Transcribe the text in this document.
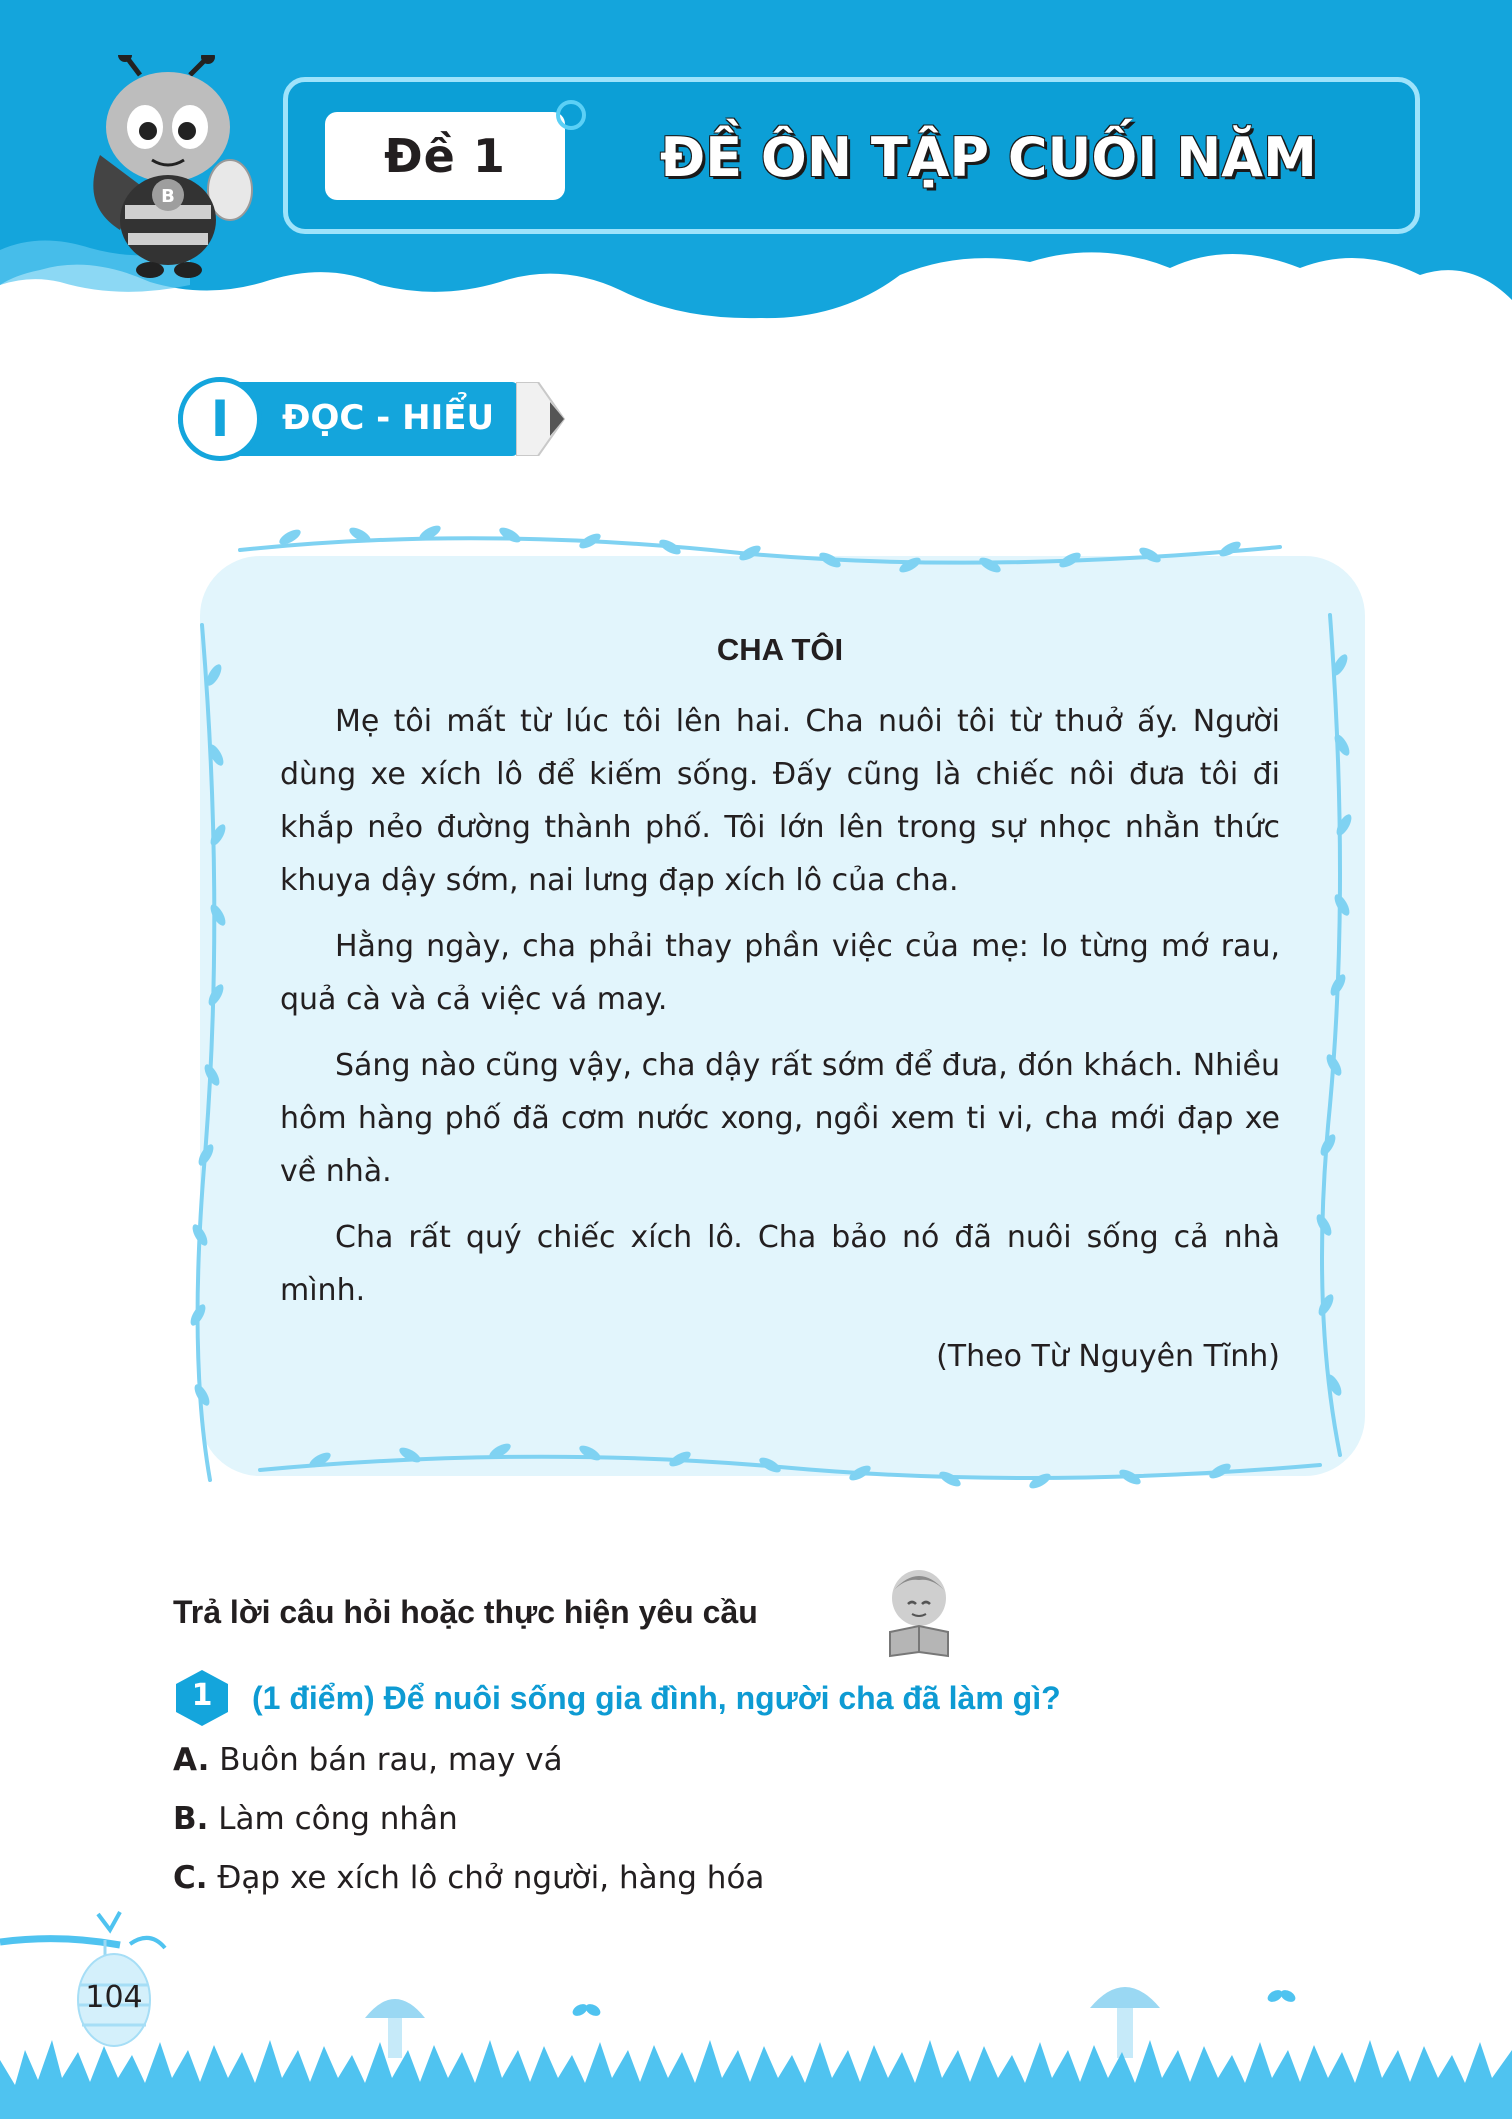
B
Đề 1	ĐỀ ÔN TẬP CUỐI NĂM
I ĐỌC - HIỂU
CHA TÔI

Mẹ tôi mất từ lúc tôi lên hai. Cha nuôi tôi từ thuở ấy. Người dùng xe xích lô để kiếm sống. Đấy cũng là chiếc nôi đưa tôi đi khắp nẻo đường thành phố. Tôi lớn lên trong sự nhọc nhằn thức khuya dậy sớm, nai lưng đạp xích lô của cha.

Hằng ngày, cha phải thay phần việc của mẹ: lo từng mớ rau, quả cà và cả việc vá may.

Sáng nào cũng vậy, cha dậy rất sớm để đưa, đón khách. Nhiều hôm hàng phố đã cơm nước xong, ngồi xem ti vi, cha mới đạp xe về nhà.

Cha rất quý chiếc xích lô. Cha bảo nó đã nuôi sống cả nhà mình.

(Theo Từ Nguyên Tĩnh)
Trả lời câu hỏi hoặc thực hiện yêu cầu
1	(1 điểm) Để nuôi sống gia đình, người cha đã làm gì?
A. Buôn bán rau, may vá
B. Làm công nhân
C. Đạp xe xích lô chở người, hàng hóa
104
